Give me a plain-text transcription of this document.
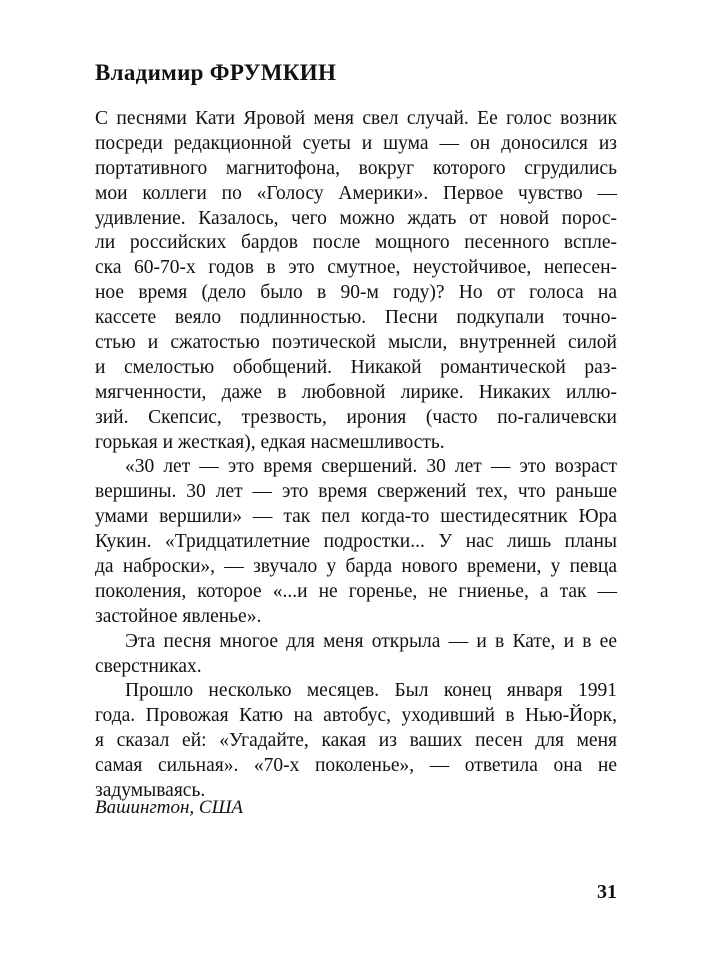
Владимир ФРУМКИН
С песнями Кати Яровой меня свел случай. Ее голос возник
посреди редакционной суеты и шума — он доносился из
портативного магнитофона, вокруг которого сгрудились
мои коллеги по «Голосу Америки». Первое чувство —
удивление. Казалось, чего можно ждать от новой порос-
ли российских бардов после мощного песенного вспле-
ска 60-70-х годов в это смутное, неустойчивое, непесен-
ное время (дело было в 90-м году)? Но от голоса на
кассете веяло подлинностью. Песни подкупали точно-
стью и сжатостью поэтической мысли, внутренней силой
и смелостью обобщений. Никакой романтической раз-
мягченности, даже в любовной лирике. Никаких иллю-
зий. Скепсис, трезвость, ирония (часто по-галичевски
горькая и жесткая), едкая насмешливость.
«30 лет — это время свершений. 30 лет — это возраст
вершины. 30 лет — это время свержений тех, что раньше
умами вершили» — так пел когда-то шестидесятник Юра
Кукин. «Тридцатилетние подростки... У нас лишь планы
да наброски», — звучало у барда нового времени, у певца
поколения, которое «...и не горенье, не гниенье, а так —
застойное явленье».
Эта песня многое для меня открыла — и в Кате, и в ее
сверстниках.
Прошло несколько месяцев. Был конец января 1991
года. Провожая Катю на автобус, уходивший в Нью-Йорк,
я сказал ей: «Угадайте, какая из ваших песен для меня
самая сильная». «70-х поколенье», — ответила она не
задумываясь.
Вашингтон, США
31
